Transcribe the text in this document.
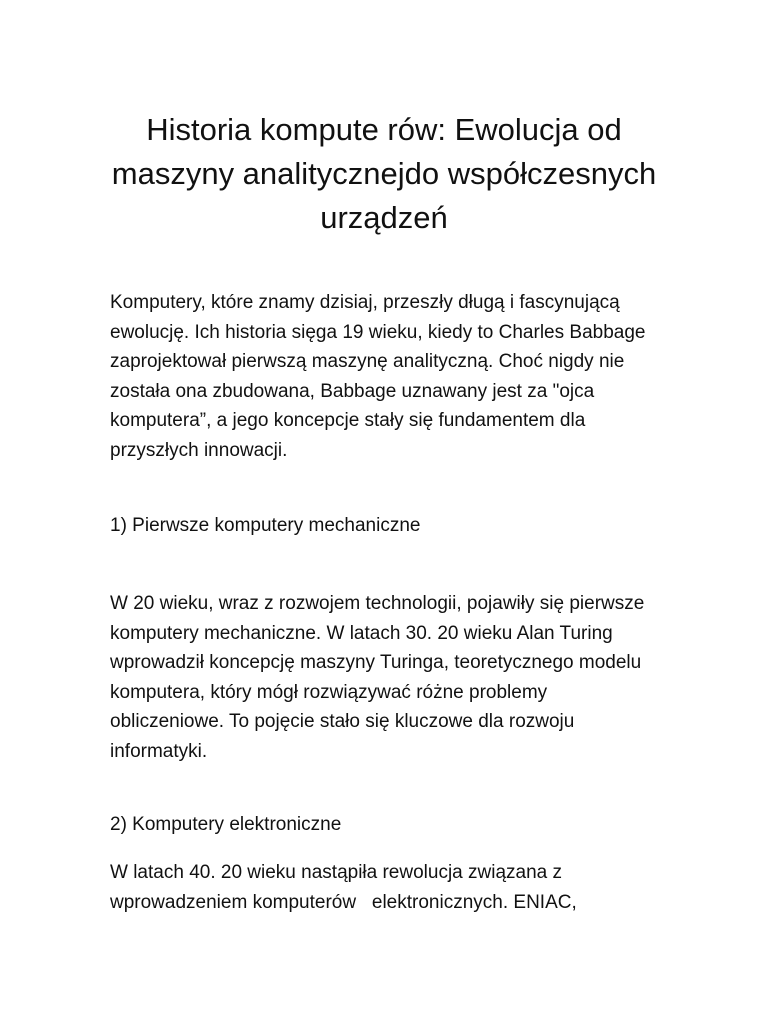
Historia kompute rów: Ewolucja od
maszyny analitycznejdo współczesnych
urządzeń

Komputery, które znamy dzisiaj, przeszły długą i fascynującą
ewolucję. Ich historia sięga 19 wieku, kiedy to Charles Babbage
zaprojektował pierwszą maszynę analityczną. Choć nigdy nie
została ona zbudowana, Babbage uznawany jest za "ojca
komputera”, a jego koncepcje stały się fundamentem dla
przyszłych innowacji.

1) Pierwsze komputery mechaniczne

W 20 wieku, wraz z rozwojem technologii, pojawiły się pierwsze
komputery mechaniczne. W latach 30. 20 wieku Alan Turing
wprowadził koncepcję maszyny Turinga, teoretycznego modelu
komputera, który mógł rozwiązywać różne problemy
obliczeniowe. To pojęcie stało się kluczowe dla rozwoju
informatyki.

2) Komputery elektroniczne

W latach 40. 20 wieku nastąpiła rewolucja związana z
wprowadzeniem komputerów   elektronicznych. ENIAC,
